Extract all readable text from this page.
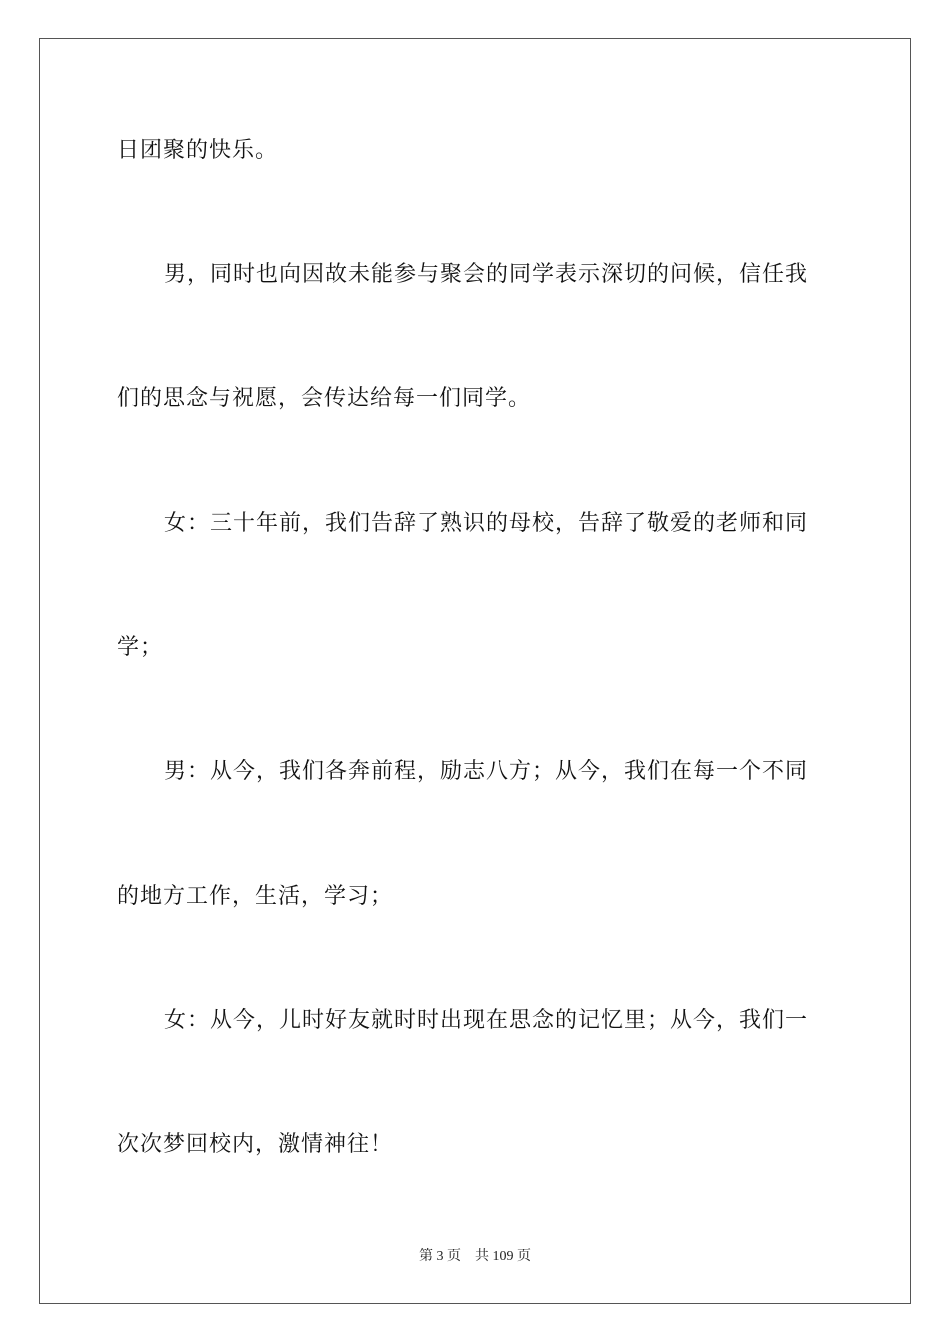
日团聚的快乐。
男，同时也向因故未能参与聚会的同学表示深切的问候，信任我
们的思念与祝愿，会传达给每一们同学。
女：三十年前，我们告辞了熟识的母校，告辞了敬爱的老师和同
学；
男：从今，我们各奔前程，励志八方；从今，我们在每一个不同
的地方工作，生活，学习；
女：从今，儿时好友就时时出现在思念的记忆里；从今，我们一
次次梦回校内，激情神往！
第 3 页 共 109 页
